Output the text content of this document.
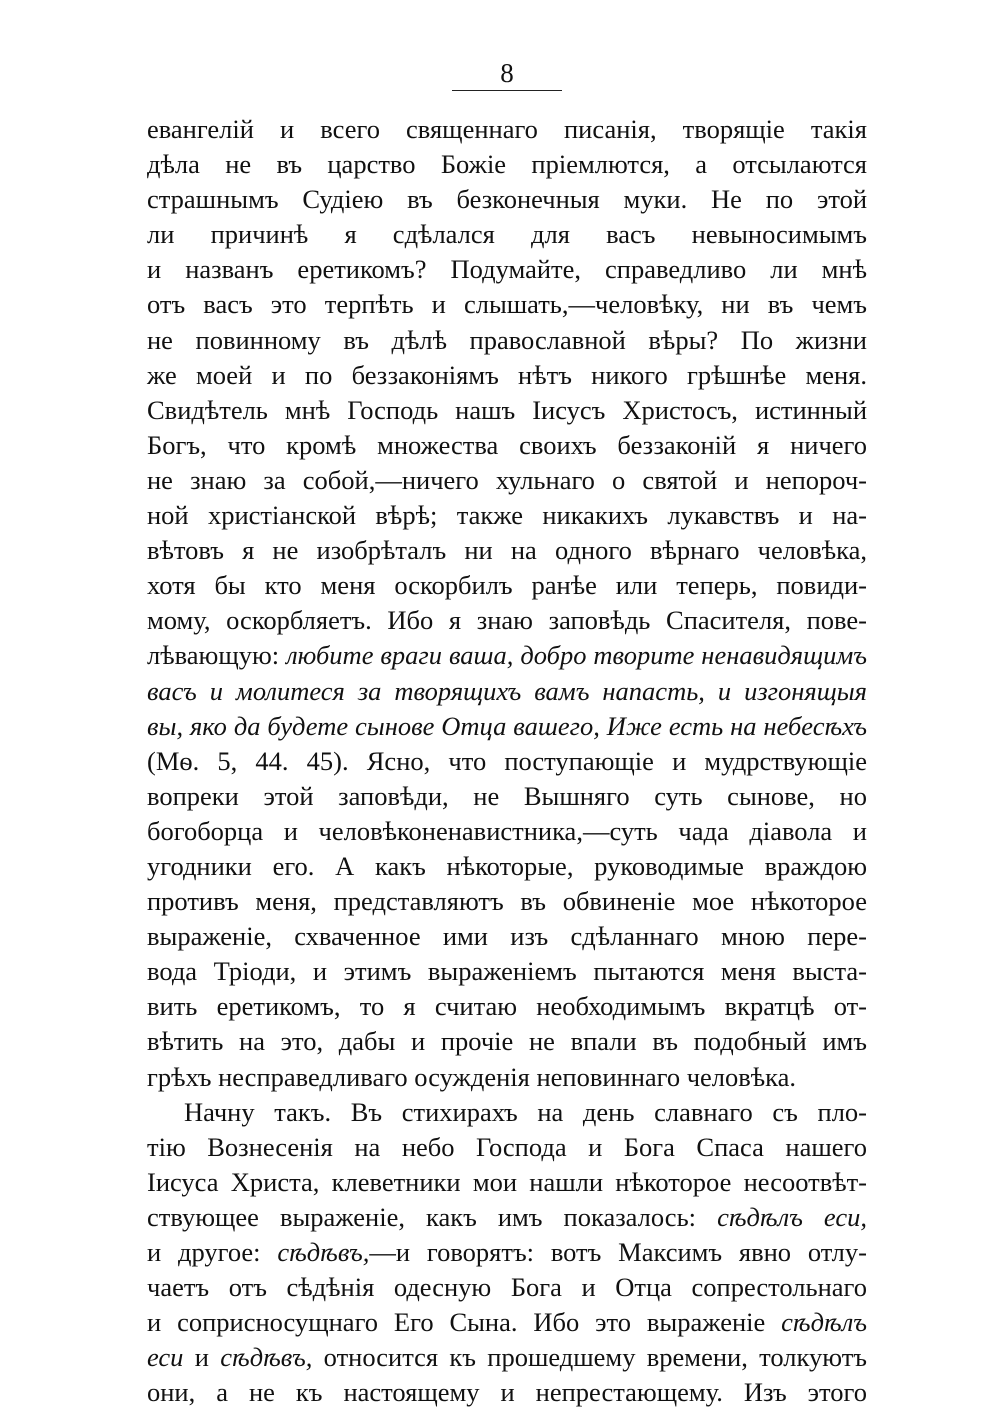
8
евангелій и всего священнаго писанія, творящіе такія
дѣла не въ царство Божіе пріемлются, а отсылаются
страшнымъ Судіею въ безконечныя муки. Не по этой
ли причинѣ я сдѣлался для васъ невыносимымъ
и названъ еретикомъ? Подумайте, справедливо ли мнѣ
отъ васъ это терпѣть и слышать,—человѣку, ни въ чемъ
не повинному въ дѣлѣ православной вѣры? По жизни
же моей и по беззаконіямъ нѣтъ никого грѣшнѣе меня.
Свидѣтель мнѣ Господь нашъ Іисусъ Христосъ, истинный
Богъ, что кромѣ множества своихъ беззаконій я ничего
не знаю за собой,—ничего хульнаго о святой и непороч-
ной христіанской вѣрѣ; также никакихъ лукавствъ и на-
вѣтовъ я не изобрѣталъ ни на одного вѣрнаго человѣка,
хотя бы кто меня оскорбилъ ранѣе или теперь, повиди-
мому, оскорбляетъ. Ибо я знаю заповѣдь Спасителя, пове-
лѣвающую: любите враги ваша, добро творите ненавидящимъ
васъ и молитеся за творящихъ вамъ напасть, и изгонящыя
вы, яко да будете сынове Отца вашего, Иже есть на небесѣхъ
(Мѳ. 5, 44. 45). Ясно, что поступающіе и мудрствующіе
вопреки этой заповѣди, не Вышняго суть сынове, но
богоборца и человѣконенавистника,—суть чада діавола и
угодники его. А какъ нѣкоторые, руководимые враждою
противъ меня, представляютъ въ обвиненіе мое нѣкоторое
выраженіе, схваченное ими изъ сдѣланнаго мною пере-
вода Тріоди, и этимъ выраженіемъ пытаются меня выста-
вить еретикомъ, то я считаю необходимымъ вкратцѣ от-
вѣтить на это, дабы и прочіе не впали въ подобный имъ
грѣхъ несправедливаго осужденія неповиннаго человѣка.
Начну такъ. Въ стихирахъ на день славнаго съ пло-
тію Вознесенія на небо Господа и Бога Спаса нашего
Іисуса Христа, клеветники мои нашли нѣкоторое несоотвѣт-
ствующее выраженіе, какъ имъ показалось: сѣдѣлъ еси,
и другое: сѣдѣвъ,—и говорятъ: вотъ Максимъ явно отлу-
чаетъ отъ сѣдѣнія одесную Бога и Отца сопрестольнаго
и соприсносущнаго Его Сына. Ибо это выраженіе сѣдѣлъ
еси и сѣдѣвъ, относится къ прошедшему времени, толкуютъ
они, а не къ настоящему и непрестающему. Изъ этого
